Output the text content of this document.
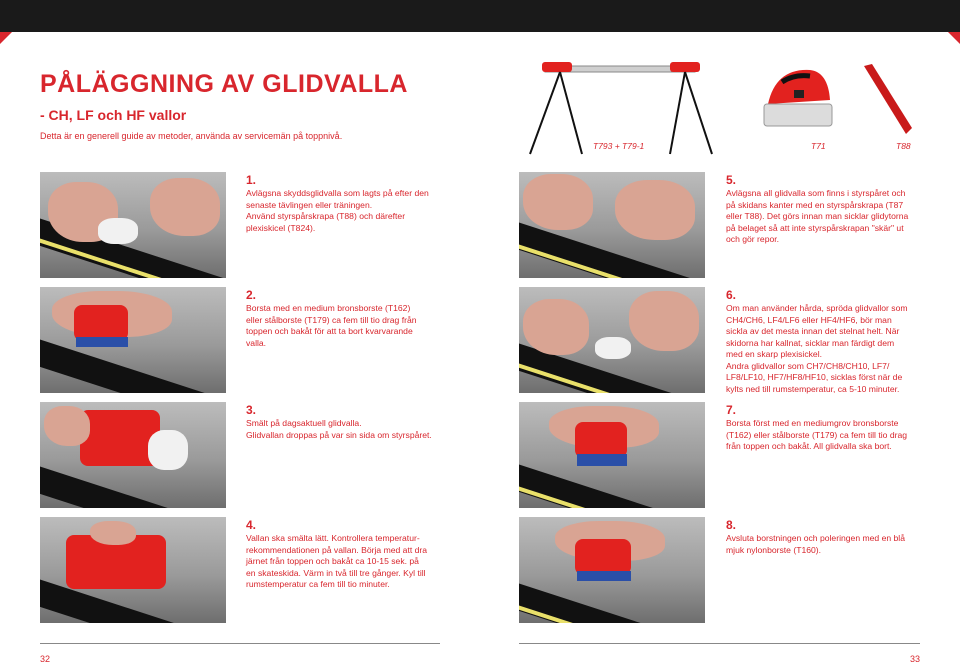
PÅLÄGGNING AV GLIDVALLA
- CH, LF och HF vallor
Detta är en generell guide av metoder, använda av servicemän på toppnivå.
T793 + T79-1	T71	T88
1.
Avlägsna skyddsglidvalla som lagts på efter den
senaste tävlingen eller träningen.
Använd styrspårskrapa (T88) och därefter
plexiskicel (T824).
2.
Borsta med en medium bronsborste (T162)
eller stålborste (T179) ca fem till tio drag från
toppen och bakåt för att ta bort kvarvarande
valla.
3.
Smält på dagsaktuell glidvalla.
Glidvallan droppas på var sin sida om styrspåret.
4.
Vallan ska smälta lätt. Kontrollera temperatur-
rekommendationen på vallan. Börja med att dra
järnet från toppen och bakåt ca 10-15 sek. på
en skateskida. Värm in två till tre gånger. Kyl till
rumstemperatur ca fem till tio minuter.
5.
Avlägsna all glidvalla som finns i styrspåret och
på skidans kanter med en styrspårskrapa (T87
eller T88). Det görs innan man sicklar glidytorna
på belaget så att inte styrspårskrapan "skär" ut
och gör repor.
6.
Om man använder hårda, spröda glidvallor som
CH4/CH6, LF4/LF6 eller HF4/HF6, bör man
sickla av det mesta innan det stelnat helt. När
skidorna har kallnat, sicklar man färdigt dem
med en skarp plexisickel.
Andra glidvallor som CH7/CH8/CH10, LF7/
LF8/LF10, HF7/HF8/HF10, sicklas först när de
kylts ned till rumstemperatur, ca 5-10 minuter.
7.
Borsta först med en mediumgrov bronsborste
(T162) eller stålborste (T179) ca fem till tio drag
från toppen och bakåt. All glidvalla ska bort.
8.
Avsluta borstningen och poleringen med en blå
mjuk nylonborste (T160).
32	33
